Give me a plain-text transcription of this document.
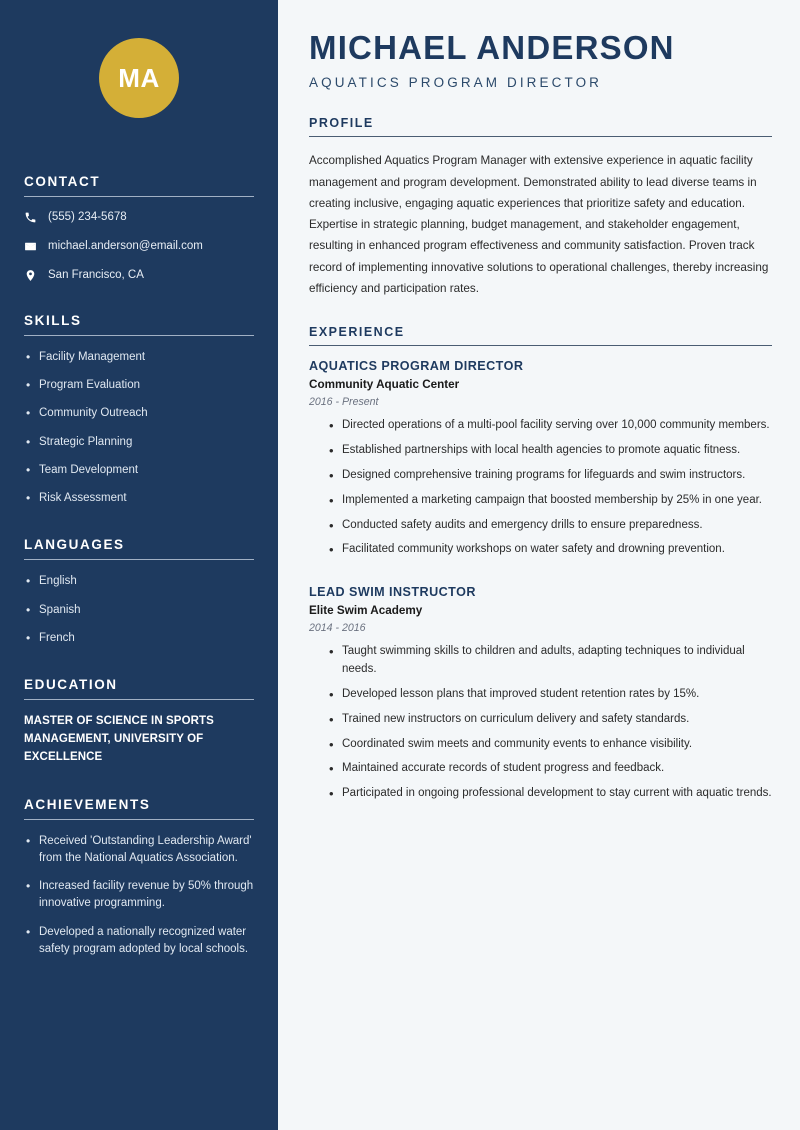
MA
CONTACT
(555) 234-5678
michael.anderson@email.com
San Francisco, CA
SKILLS
• Facility Management
• Program Evaluation
• Community Outreach
• Strategic Planning
• Team Development
• Risk Assessment
LANGUAGES
• English
• Spanish
• French
EDUCATION
MASTER OF SCIENCE IN SPORTS MANAGEMENT, UNIVERSITY OF EXCELLENCE
ACHIEVEMENTS
• Received 'Outstanding Leadership Award' from the National Aquatics Association.
• Increased facility revenue by 50% through innovative programming.
• Developed a nationally recognized water safety program adopted by local schools.
MICHAEL ANDERSON
AQUATICS PROGRAM DIRECTOR
PROFILE

Accomplished Aquatics Program Manager with extensive experience in aquatic facility management and program development. Demonstrated ability to lead diverse teams in creating inclusive, engaging aquatic experiences that prioritize safety and education. Expertise in strategic planning, budget management, and stakeholder engagement, resulting in enhanced program effectiveness and community satisfaction. Proven track record of implementing innovative solutions to operational challenges, thereby increasing efficiency and participation rates.

EXPERIENCE
AQUATICS PROGRAM DIRECTOR
Community Aquatic Center
2016 - Present
• Directed operations of a multi-pool facility serving over 10,000 community members.
• Established partnerships with local health agencies to promote aquatic fitness.
• Designed comprehensive training programs for lifeguards and swim instructors.
• Implemented a marketing campaign that boosted membership by 25% in one year.
• Conducted safety audits and emergency drills to ensure preparedness.
• Facilitated community workshops on water safety and drowning prevention.
LEAD SWIM INSTRUCTOR
Elite Swim Academy
2014 - 2016
• Taught swimming skills to children and adults, adapting techniques to individual needs.
• Developed lesson plans that improved student retention rates by 15%.
• Trained new instructors on curriculum delivery and safety standards.
• Coordinated swim meets and community events to enhance visibility.
• Maintained accurate records of student progress and feedback.
• Participated in ongoing professional development to stay current with aquatic trends.
